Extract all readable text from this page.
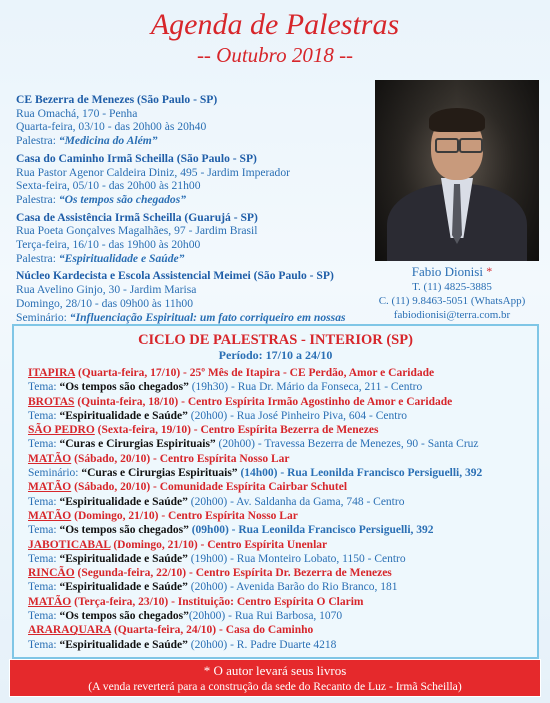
Agenda de Palestras
-- Outubro 2018 --
CE Bezerra de Menezes (São Paulo - SP)
Rua Omachá, 170 - Penha
Quarta-feira, 03/10 - das 20h00 às 20h40
Palestra: “Medicina do Além”
Casa do Caminho Irmã Scheilla (São Paulo - SP)
Rua Pastor Agenor Caldeira Diniz, 495 - Jardim Imperador
Sexta-feira, 05/10 - das 20h00 às 21h00
Palestra: “Os tempos são chegados”
Casa de Assistência Irmã Scheilla (Guarujá - SP)
Rua Poeta Gonçalves Magalhães, 97 - Jardim Brasil
Terça-feira, 16/10 - das 19h00 às 20h00
Palestra: “Espiritualidade e Saúde”
Núcleo Kardecista e Escola Assistencial Meimei (São Paulo - SP)
Rua Avelino Ginjo, 30 - Jardim Marisa
Domingo, 28/10 - das 09h00 às 11h00
Seminário: “Influenciação Espiritual: um fato corriqueiro em nossas
Fabio Dionisi *
T. (11) 4825-3885
C. (11) 9.8463-5051 (WhatsApp)
fabiodionisi@terra.com.br
CICLO DE PALESTRAS - INTERIOR (SP)
Período: 17/10 a 24/10
ITAPIRA (Quarta-feira, 17/10) - 25º Mês de Itapira - CE Perdão, Amor e Caridade
Tema: “Os tempos são chegados” (19h30) - Rua Dr. Mário da Fonseca, 211 - Centro
BROTAS (Quinta-feira, 18/10) - Centro Espírita Irmão Agostinho de Amor e Caridade
Tema: “Espiritualidade e Saúde” (20h00) - Rua José Pinheiro Piva, 604 - Centro
SÃO PEDRO (Sexta-feira, 19/10) - Centro Espírita Bezerra de Menezes
Tema: “Curas e Cirurgias Espirituais” (20h00) - Travessa Bezerra de Menezes, 90 - Santa Cruz
MATÃO (Sábado, 20/10) - Centro Espírita Nosso Lar
Seminário: “Curas e Cirurgias Espirituais” (14h00) - Rua Leonilda Francisco Persiguelli, 392
MATÃO (Sábado, 20/10) - Comunidade Espírita Cairbar Schutel
Tema: “Espiritualidade e Saúde” (20h00) - Av. Saldanha da Gama, 748 - Centro
MATÃO (Domingo, 21/10) - Centro Espírita Nosso Lar
Tema: “Os tempos são chegados” (09h00) - Rua Leonilda Francisco Persiguelli, 392
JABOTICABAL (Domingo, 21/10) - Centro Espírita Unenlar
Tema: “Espiritualidade e Saúde” (19h00) - Rua Monteiro Lobato, 1150 - Centro
RINCÃO (Segunda-feira, 22/10) - Centro Espírita Dr. Bezerra de Menezes
Tema: “Espiritualidade e Saúde” (20h00) - Avenida Barão do Rio Branco, 181
MATÃO (Terça-feira, 23/10) - Instituição: Centro Espírita O Clarim
Tema: “Os tempos são chegados”(20h00) - Rua Rui Barbosa, 1070
ARARAQUARA (Quarta-feira, 24/10) - Casa do Caminho
Tema: “Espiritualidade e Saúde” (20h00) - R. Padre Duarte 4218
* O autor levará seus livros
(A venda reverterá para a construção da sede do Recanto de Luz - Irmã Scheilla)
